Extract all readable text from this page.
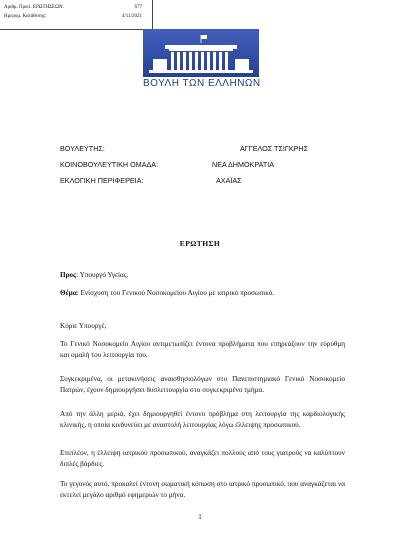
Αριθμ. Πρωτ. ΕΡΩΤΗΣΕΩΝ:	677
Ημερομ. Κατάθεσης:	4/11/2021
ΒΟΥΛΗ ΤΩΝ ΕΛΛΗΝΩΝ
ΒΟΥΛΕΥΤΗΣ:	ΑΓΓΕΛΟΣ ΤΣΙΓΚΡΗΣ
ΚΟΙΝΟΒΟΥΛΕΥΤΙΚΗ ΟΜΑΔΑ:	ΝΕΑ ΔΗΜΟΚΡΑΤΙΑ
ΕΚΛΟΓΙΚΗ ΠΕΡΙΦΕΡΕΙΑ:	ΑΧΑΪΑΣ
ΕΡΩΤΗΣΗ
Προς: Υπουργό Υγείας.
Θέμα: Ενίσχυση του Γενικού Νοσοκομείου Αιγίου με ιατρικό προσωπικό.
Κύριε Υπουργέ,
Το Γενικό Νοσοκομείο Αιγίου αντιμετωπίζει έντονα προβλήματα που επηρεάζουν την εύρυθμη και ομαλή του λειτουργία του.
Συγκεκριμένα, οι μετακινήσεις αναισθησιολόγων στο Πανεπιστημιακό Γενικό Νοσοκομείο Πατρών, έχουν δημιουργήσει δυσλειτουργία στο συγκεκριμένο τμήμα.
Από την άλλη μεριά, έχει δημιουργηθεί έντονο πρόβλημα στη λειτουργία της καρδιολογικής κλινικής, η οποία κινδυνεύει με αναστολή λειτουργίας λόγω έλλειψης προσωπικού.
Επιπλέον, η έλλειψη ιατρικού προσωπικού, αναγκάζει πολλούς από τους γιατρούς να καλύπτουν διπλές βάρδιες.
Το γεγονός αυτό, προκαλεί έντονη σωματική κόπωση στο ιατρικό προσωπικό, που αναγκάζεται να εκτελεί μεγάλο αριθμό εφημεριών το μήνα.
1
